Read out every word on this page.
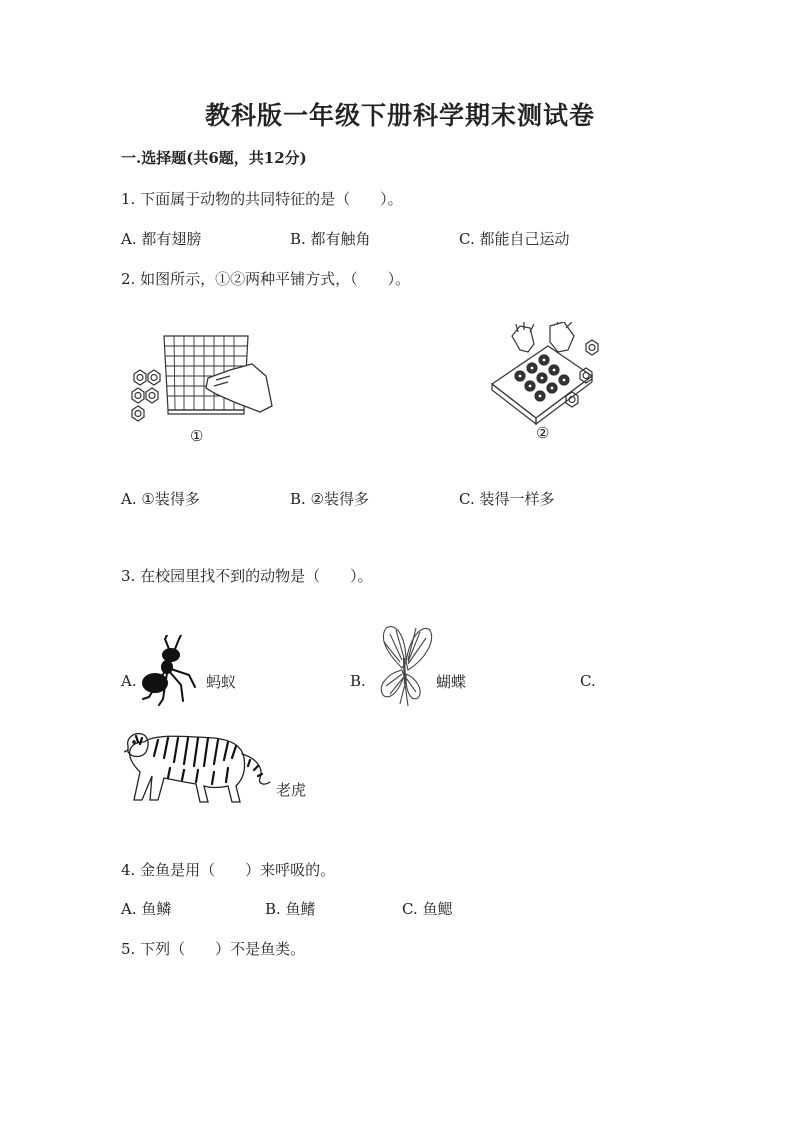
教科版一年级下册科学期末测试卷
一.选择题(共6题，共12分)
1. 下面属于动物的共同特征的是（　　）。
A. 都有翅膀	B. 都有触角	C. 都能自己运动
2. 如图所示，①②两种平铺方式，（　　）。
①	②
A. ①装得多	B. ②装得多	C. 装得一样多
3. 在校园里找不到的动物是（　　）。
A.	蚂蚁	B.	蝴蝶	C.
老虎
4. 金鱼是用（　　）来呼吸的。
A. 鱼鳞	B. 鱼鳍	C. 鱼鳃
5. 下列（　　）不是鱼类。
